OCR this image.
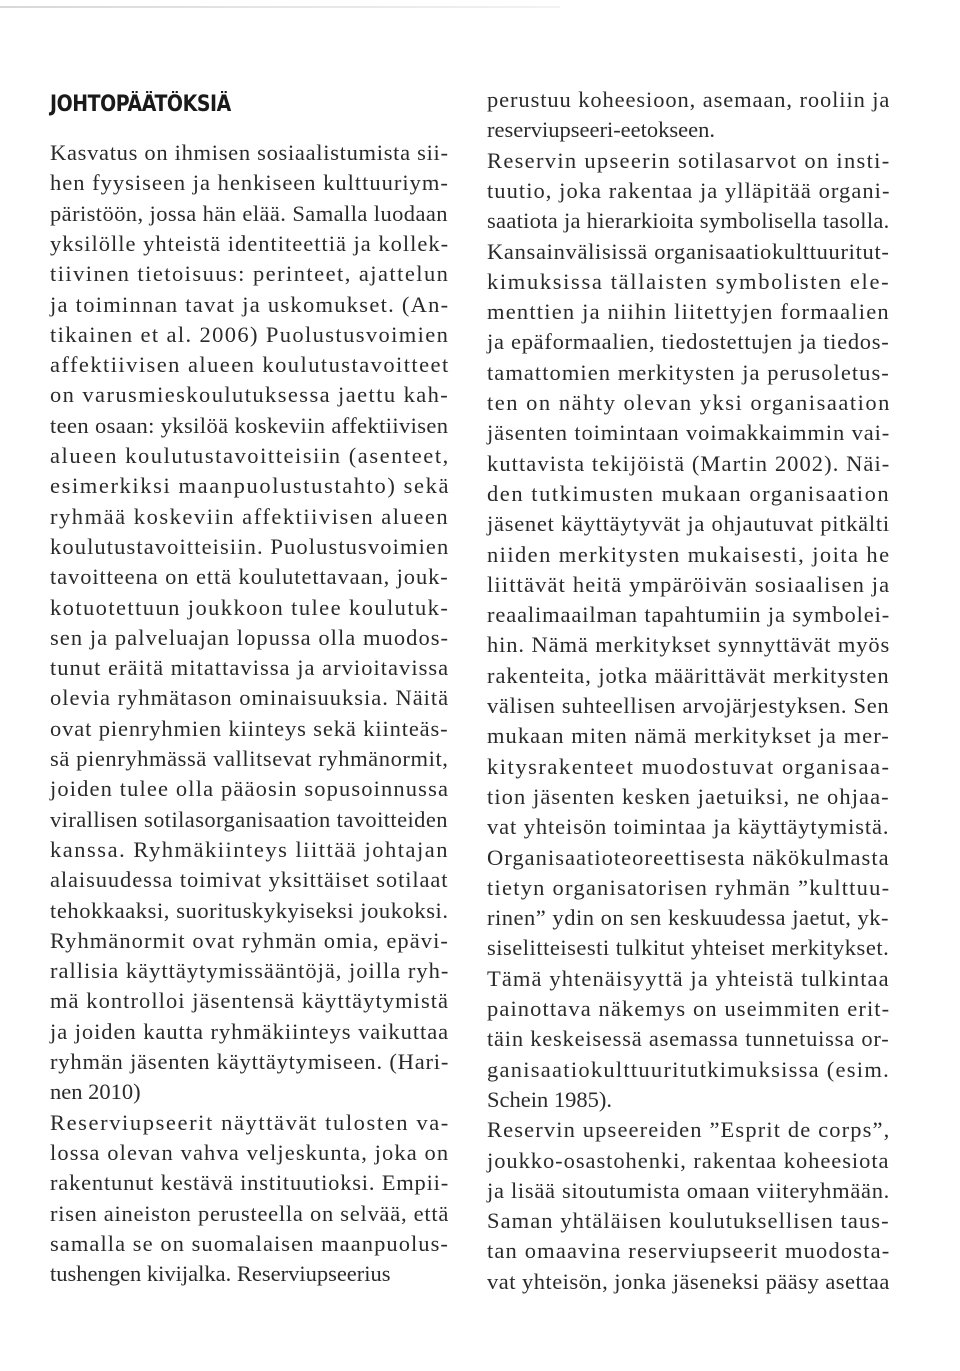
JOHTOPÄÄTÖKSIÄ
Kasvatus on ihmisen sosiaalistumista sii-
hen fyysiseen ja henkiseen kulttuuriym-
päristöön, jossa hän elää. Samalla luodaan
yksilölle yhteistä identiteettiä ja kollek-
tiivinen tietoisuus: perinteet, ajattelun
ja toiminnan tavat ja uskomukset. (An-
tikainen et al. 2006) Puolustusvoimien
affektiivisen alueen koulutustavoitteet
on varusmieskoulutuksessa jaettu kah-
teen osaan: yksilöä koskeviin affektiivisen
alueen koulutustavoitteisiin (asenteet,
esimerkiksi maanpuolustustahto) sekä
ryhmää koskeviin affektiivisen alueen
koulutustavoitteisiin. Puolustusvoimien
tavoitteena on että koulutettavaan, jouk-
kotuotettuun joukkoon tulee koulutuk-
sen ja palveluajan lopussa olla muodos-
tunut eräitä mitattavissa ja arvioitavissa
olevia ryhmätason ominaisuuksia. Näitä
ovat pienryhmien kiinteys sekä kiinteäs-
sä pienryhmässä vallitsevat ryhmänormit,
joiden tulee olla pääosin sopusoinnussa
virallisen sotilasorganisaation tavoitteiden
kanssa. Ryhmäkiinteys liittää johtajan
alaisuudessa toimivat yksittäiset sotilaat
tehokkaaksi, suorituskykyiseksi joukoksi.
Ryhmänormit ovat ryhmän omia, epävi-
rallisia käyttäytymissääntöjä, joilla ryh-
mä kontrolloi jäsentensä käyttäytymistä
ja joiden kautta ryhmäkiinteys vaikuttaa
ryhmän jäsenten käyttäytymiseen. (Hari-
nen 2010)
Reserviupseerit näyttävät tulosten va-
lossa olevan vahva veljeskunta, joka on
rakentunut kestävä instituutioksi. Empii-
risen aineiston perusteella on selvää, että
samalla se on suomalaisen maanpuolus-
tushengen kivijalka. Reserviupseerius
perustuu koheesioon, asemaan, rooliin ja
reserviupseeri-eetokseen.
Reservin upseerin sotilasarvot on insti-
tuutio, joka rakentaa ja ylläpitää organi-
saatiota ja hierarkioita symbolisella tasolla.
Kansainvälisissä organisaatiokulttuuritut-
kimuksissa tällaisten symbolisten ele-
menttien ja niihin liitettyjen formaalien
ja epäformaalien, tiedostettujen ja tiedos-
tamattomien merkitysten ja perusoletus-
ten on nähty olevan yksi organisaation
jäsenten toimintaan voimakkaimmin vai-
kuttavista tekijöistä (Martin 2002). Näi-
den tutkimusten mukaan organisaation
jäsenet käyttäytyvät ja ohjautuvat pitkälti
niiden merkitysten mukaisesti, joita he
liittävät heitä ympäröivän sosiaalisen ja
reaalimaailman tapahtumiin ja symbolei-
hin. Nämä merkitykset synnyttävät myös
rakenteita, jotka määrittävät merkitysten
välisen suhteellisen arvojärjestyksen. Sen
mukaan miten nämä merkitykset ja mer-
kitysrakenteet muodostuvat organisaa-
tion jäsenten kesken jaetuiksi, ne ohjaa-
vat yhteisön toimintaa ja käyttäytymistä.
Organisaatioteoreettisesta näkökulmasta
tietyn organisatorisen ryhmän ”kulttuu-
rinen” ydin on sen keskuudessa jaetut, yk-
siselitteisesti tulkitut yhteiset merkitykset.
Tämä yhtenäisyyttä ja yhteistä tulkintaa
painottava näkemys on useimmiten erit-
täin keskeisessä asemassa tunnetuissa or-
ganisaatiokulttuuritutkimuksissa (esim.
Schein 1985).
Reservin upseereiden ”Esprit de corps”,
joukko-osastohenki, rakentaa koheesiota
ja lisää sitoutumista omaan viiteryhmään.
Saman yhtäläisen koulutuksellisen taus-
tan omaavina reserviupseerit muodosta-
vat yhteisön, jonka jäseneksi pääsy asettaa
